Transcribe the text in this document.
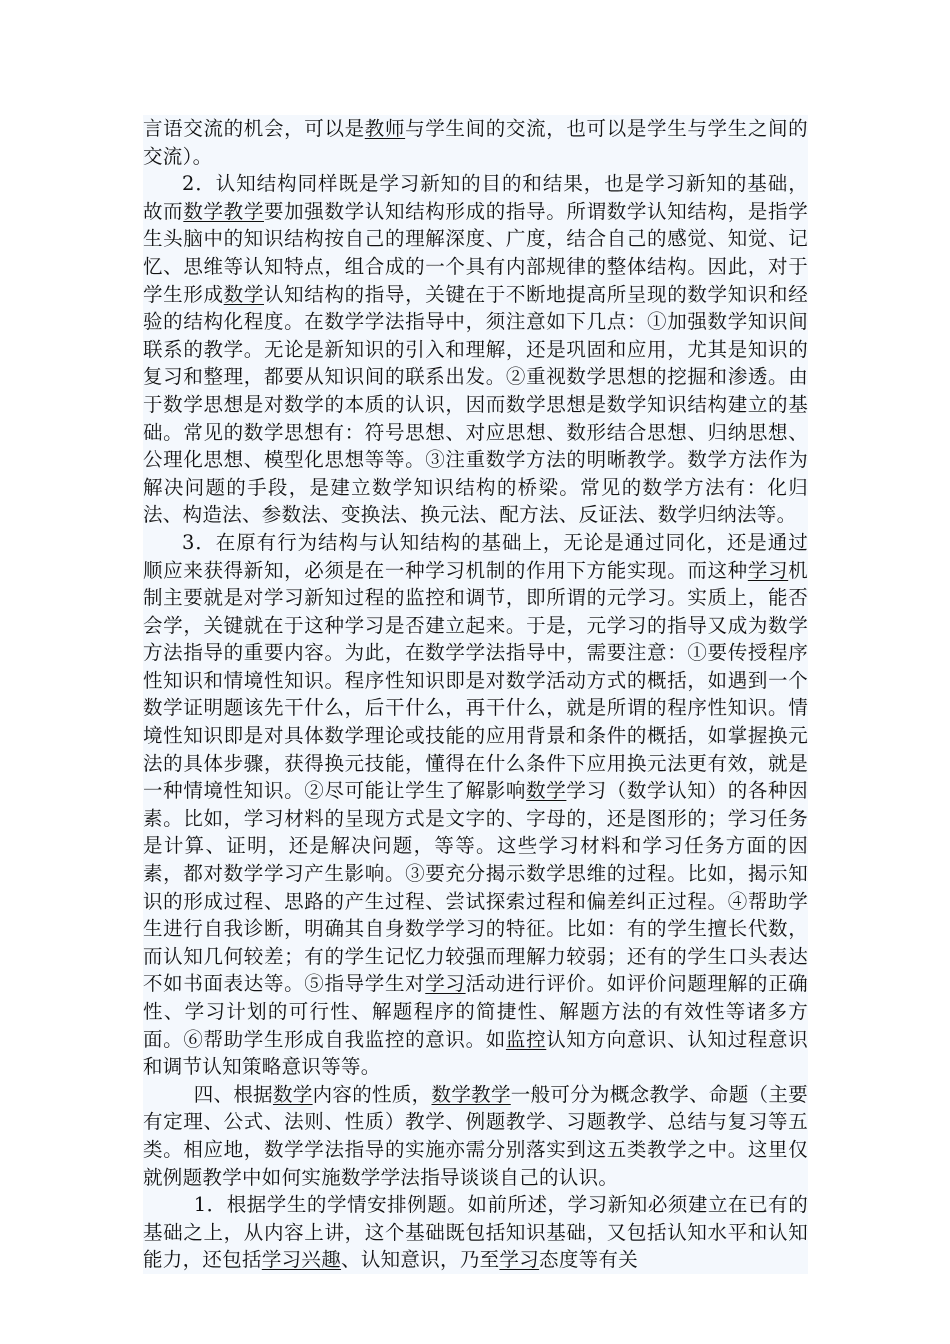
言语交流的机会，可以是教师与学生间的交流，也可以是学生与学生之间的交流）。

2．认知结构同样既是学习新知的目的和结果，也是学习新知的基础，故而数学教学要加强数学认知结构形成的指导。所谓数学认知结构，是指学生头脑中的知识结构按自己的理解深度、广度，结合自己的感觉、知觉、记忆、思维等认知特点，组合成的一个具有内部规律的整体结构。因此，对于学生形成数学认知结构的指导，关键在于不断地提高所呈现的数学知识和经验的结构化程度。在数学学法指导中，须注意如下几点：①加强数学知识间联系的教学。无论是新知识的引入和理解，还是巩固和应用，尤其是知识的复习和整理，都要从知识间的联系出发。②重视数学思想的挖掘和渗透。由于数学思想是对数学的本质的认识，因而数学思想是数学知识结构建立的基础。常见的数学思想有：符号思想、对应思想、数形结合思想、归纳思想、公理化思想、模型化思想等等。③注重数学方法的明晰教学。数学方法作为解决问题的手段，是建立数学知识结构的桥梁。常见的数学方法有：化归法、构造法、参数法、变换法、换元法、配方法、反证法、数学归纳法等。

3．在原有行为结构与认知结构的基础上，无论是通过同化，还是通过顺应来获得新知，必须是在一种学习机制的作用下方能实现。而这种学习机制主要就是对学习新知过程的监控和调节，即所谓的元学习。实质上，能否会学，关键就在于这种学习是否建立起来。于是，元学习的指导又成为数学方法指导的重要内容。为此，在数学学法指导中，需要注意：①要传授程序性知识和情境性知识。程序性知识即是对数学活动方式的概括，如遇到一个数学证明题该先干什么，后干什么，再干什么，就是所谓的程序性知识。情境性知识即是对具体数学理论或技能的应用背景和条件的概括，如掌握换元法的具体步骤，获得换元技能，懂得在什么条件下应用换元法更有效，就是一种情境性知识。②尽可能让学生了解影响数学学习（数学认知）的各种因素。比如，学习材料的呈现方式是文字的、字母的，还是图形的；学习任务是计算、证明，还是解决问题，等等。这些学习材料和学习任务方面的因素，都对数学学习产生影响。③要充分揭示数学思维的过程。比如，揭示知识的形成过程、思路的产生过程、尝试探索过程和偏差纠正过程。④帮助学生进行自我诊断，明确其自身数学学习的特征。比如：有的学生擅长代数，而认知几何较差；有的学生记忆力较强而理解力较弱；还有的学生口头表达不如书面表达等。⑤指导学生对学习活动进行评价。如评价问题理解的正确性、学习计划的可行性、解题程序的简捷性、解题方法的有效性等诸多方面。⑥帮助学生形成自我监控的意识。如监控认知方向意识、认知过程意识和调节认知策略意识等等。

四、根据数学内容的性质，数学教学一般可分为概念教学、命题（主要有定理、公式、法则、性质）教学、例题教学、习题教学、总结与复习等五类。相应地，数学学法指导的实施亦需分别落实到这五类教学之中。这里仅就例题教学中如何实施数学学法指导谈谈自己的认识。

1．根据学生的学情安排例题。如前所述，学习新知必须建立在已有的基础之上，从内容上讲，这个基础既包括知识基础，又包括认知水平和认知能力，还包括学习兴趣、认知意识，乃至学习态度等有关
